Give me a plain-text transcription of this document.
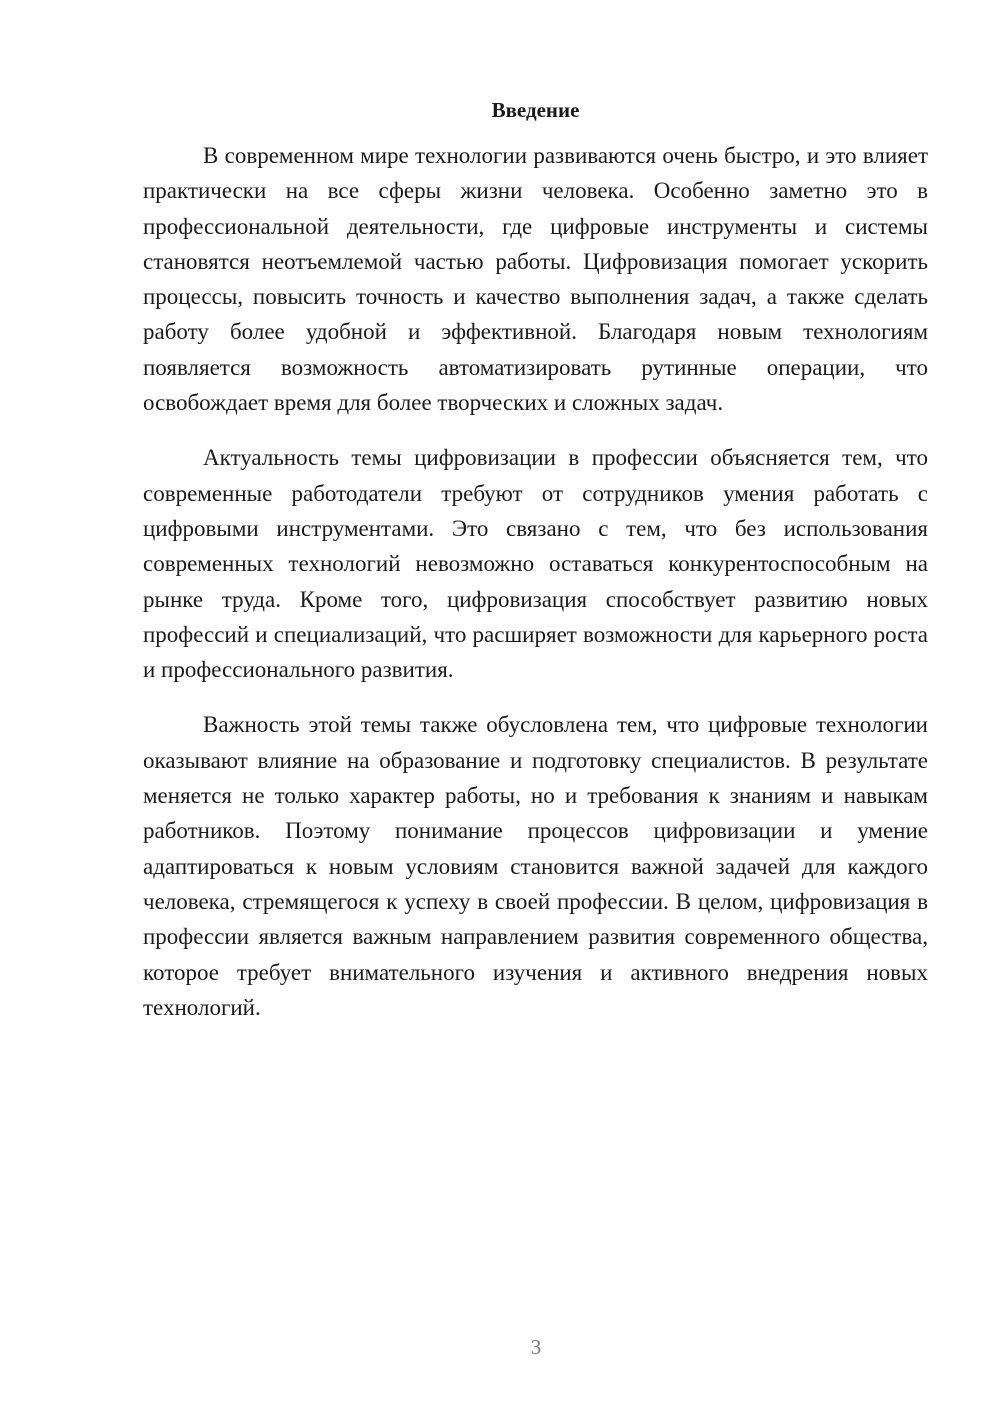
Введение

В современном мире технологии развиваются очень быстро, и это влияет практически на все сферы жизни человека. Особенно заметно это в профессиональной деятельности, где цифровые инструменты и системы становятся неотъемлемой частью работы. Цифровизация помогает ускорить процессы, повысить точность и качество выполнения задач, а также сделать работу более удобной и эффективной. Благодаря новым технологиям появляется возможность автоматизировать рутинные операции, что освобождает время для более творческих и сложных задач.

Актуальность темы цифровизации в профессии объясняется тем, что современные работодатели требуют от сотрудников умения работать с цифровыми инструментами. Это связано с тем, что без использования современных технологий невозможно оставаться конкурентоспособным на рынке труда. Кроме того, цифровизация способствует развитию новых профессий и специализаций, что расширяет возможности для карьерного роста и профессионального развития.

Важность этой темы также обусловлена тем, что цифровые технологии оказывают влияние на образование и подготовку специалистов. В результате меняется не только характер работы, но и требования к знаниям и навыкам работников. Поэтому понимание процессов цифровизации и умение адаптироваться к новым условиям становится важной задачей для каждого человека, стремящегося к успеху в своей профессии. В целом, цифровизация в профессии является важным направлением развития современного общества, которое требует внимательного изучения и активного внедрения новых технологий.

3
